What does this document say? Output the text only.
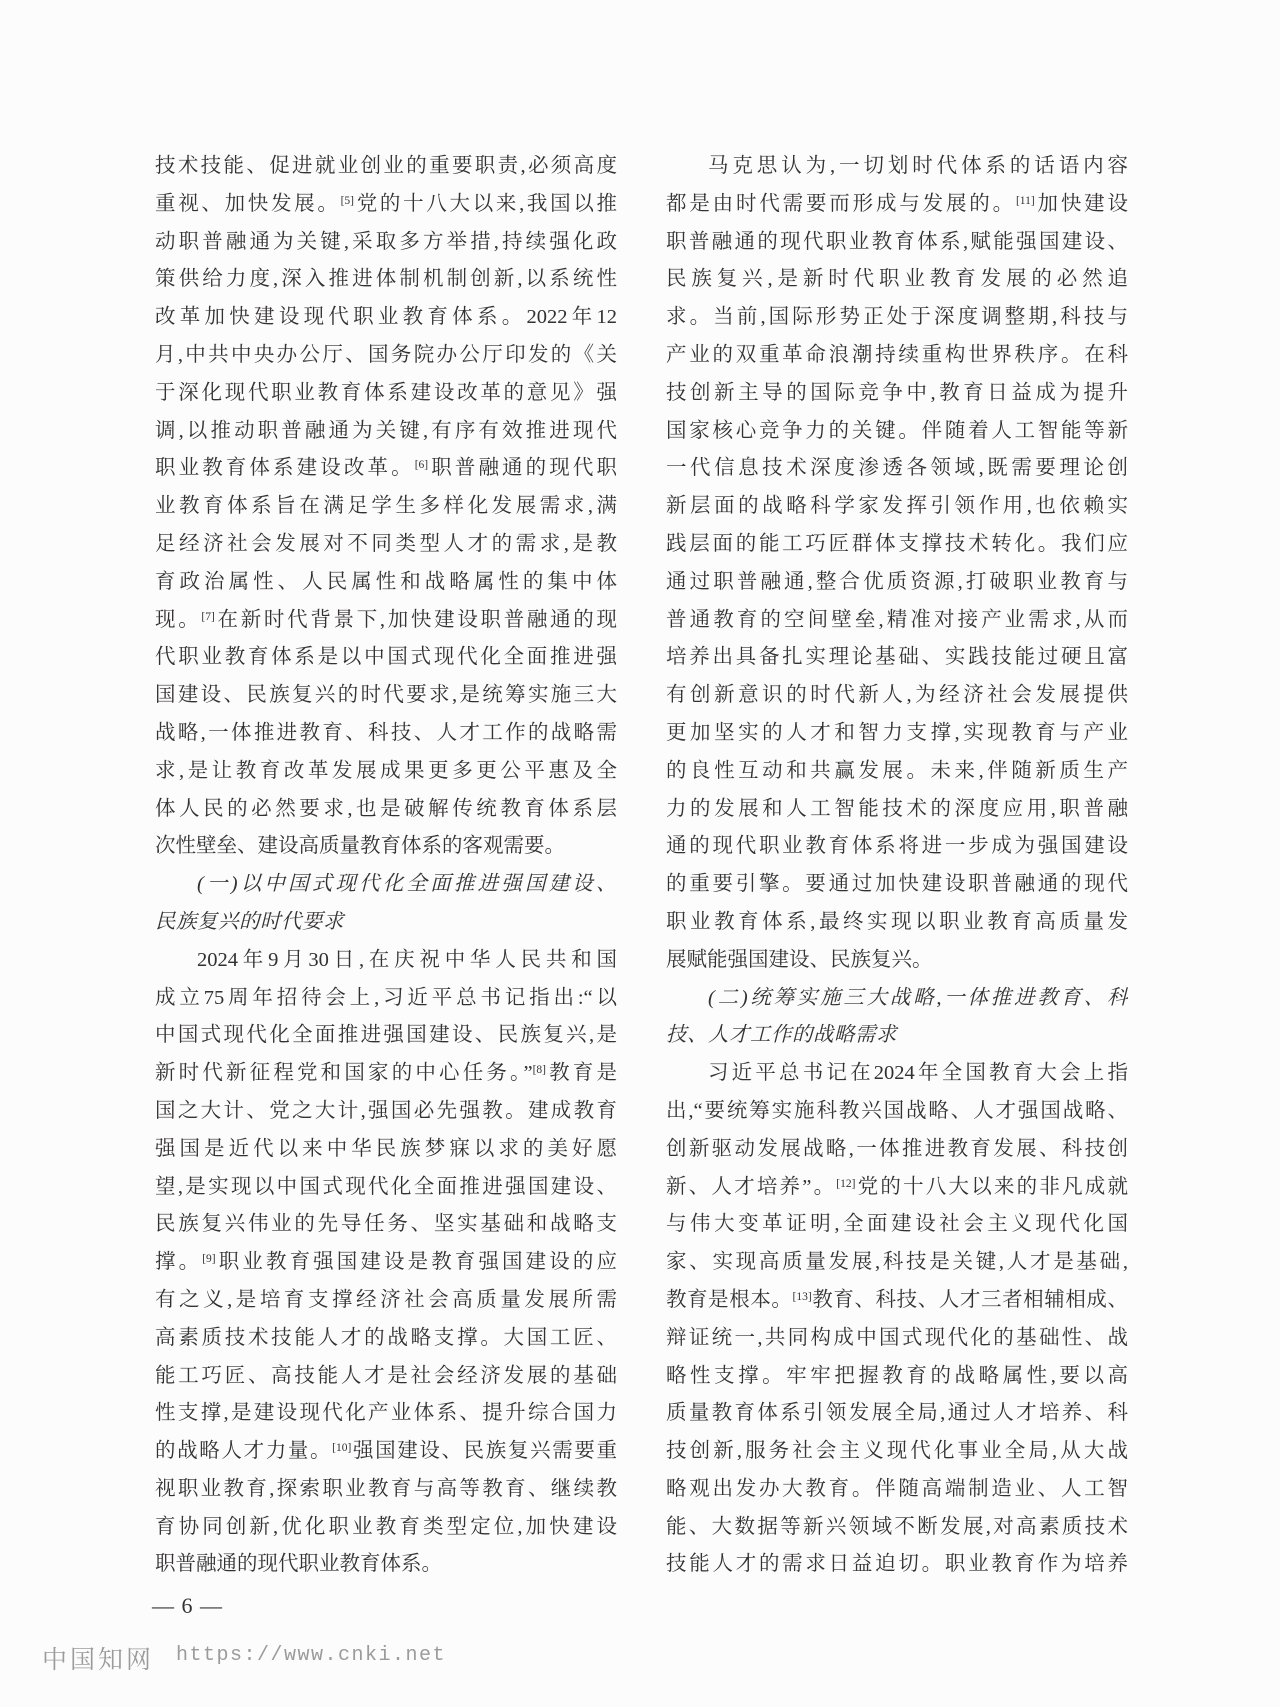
技术技能、促进就业创业的重要职责,必须高度
重视、加快发展。[5]党的十八大以来,我国以推
动职普融通为关键,采取多方举措,持续强化政
策供给力度,深入推进体制机制创新,以系统性
改革加快建设现代职业教育体系。2022年12
月,中共中央办公厅、国务院办公厅印发的《关
于深化现代职业教育体系建设改革的意见》强
调,以推动职普融通为关键,有序有效推进现代
职业教育体系建设改革。[6]职普融通的现代职
业教育体系旨在满足学生多样化发展需求,满
足经济社会发展对不同类型人才的需求,是教
育政治属性、人民属性和战略属性的集中体
现。[7]在新时代背景下,加快建设职普融通的现
代职业教育体系是以中国式现代化全面推进强
国建设、民族复兴的时代要求,是统筹实施三大
战略,一体推进教育、科技、人才工作的战略需
求,是让教育改革发展成果更多更公平惠及全
体人民的必然要求,也是破解传统教育体系层
次性壁垒、建设高质量教育体系的客观需要。
(一)以中国式现代化全面推进强国建设、
民族复兴的时代要求
2024年9月30日,在庆祝中华人民共和国
成立75周年招待会上,习近平总书记指出:“以
中国式现代化全面推进强国建设、民族复兴,是
新时代新征程党和国家的中心任务。”[8]教育是
国之大计、党之大计,强国必先强教。建成教育
强国是近代以来中华民族梦寐以求的美好愿
望,是实现以中国式现代化全面推进强国建设、
民族复兴伟业的先导任务、坚实基础和战略支
撑。[9]职业教育强国建设是教育强国建设的应
有之义,是培育支撑经济社会高质量发展所需
高素质技术技能人才的战略支撑。大国工匠、
能工巧匠、高技能人才是社会经济发展的基础
性支撑,是建设现代化产业体系、提升综合国力
的战略人才力量。[10]强国建设、民族复兴需要重
视职业教育,探索职业教育与高等教育、继续教
育协同创新,优化职业教育类型定位,加快建设
职普融通的现代职业教育体系。
马克思认为,一切划时代体系的话语内容
都是由时代需要而形成与发展的。[11]加快建设
职普融通的现代职业教育体系,赋能强国建设、
民族复兴,是新时代职业教育发展的必然追
求。当前,国际形势正处于深度调整期,科技与
产业的双重革命浪潮持续重构世界秩序。在科
技创新主导的国际竞争中,教育日益成为提升
国家核心竞争力的关键。伴随着人工智能等新
一代信息技术深度渗透各领域,既需要理论创
新层面的战略科学家发挥引领作用,也依赖实
践层面的能工巧匠群体支撑技术转化。我们应
通过职普融通,整合优质资源,打破职业教育与
普通教育的空间壁垒,精准对接产业需求,从而
培养出具备扎实理论基础、实践技能过硬且富
有创新意识的时代新人,为经济社会发展提供
更加坚实的人才和智力支撑,实现教育与产业
的良性互动和共赢发展。未来,伴随新质生产
力的发展和人工智能技术的深度应用,职普融
通的现代职业教育体系将进一步成为强国建设
的重要引擎。要通过加快建设职普融通的现代
职业教育体系,最终实现以职业教育高质量发
展赋能强国建设、民族复兴。
(二)统筹实施三大战略,一体推进教育、科
技、人才工作的战略需求
习近平总书记在2024年全国教育大会上指
出,“要统筹实施科教兴国战略、人才强国战略、
创新驱动发展战略,一体推进教育发展、科技创
新、人才培养”。[12]党的十八大以来的非凡成就
与伟大变革证明,全面建设社会主义现代化国
家、实现高质量发展,科技是关键,人才是基础,
教育是根本。[13]教育、科技、人才三者相辅相成、
辩证统一,共同构成中国式现代化的基础性、战
略性支撑。牢牢把握教育的战略属性,要以高
质量教育体系引领发展全局,通过人才培养、科
技创新,服务社会主义现代化事业全局,从大战
略观出发办大教育。伴随高端制造业、人工智
能、大数据等新兴领域不断发展,对高素质技术
技能人才的需求日益迫切。职业教育作为培养
— 6 —
中国知网 https://www.cnki.net
